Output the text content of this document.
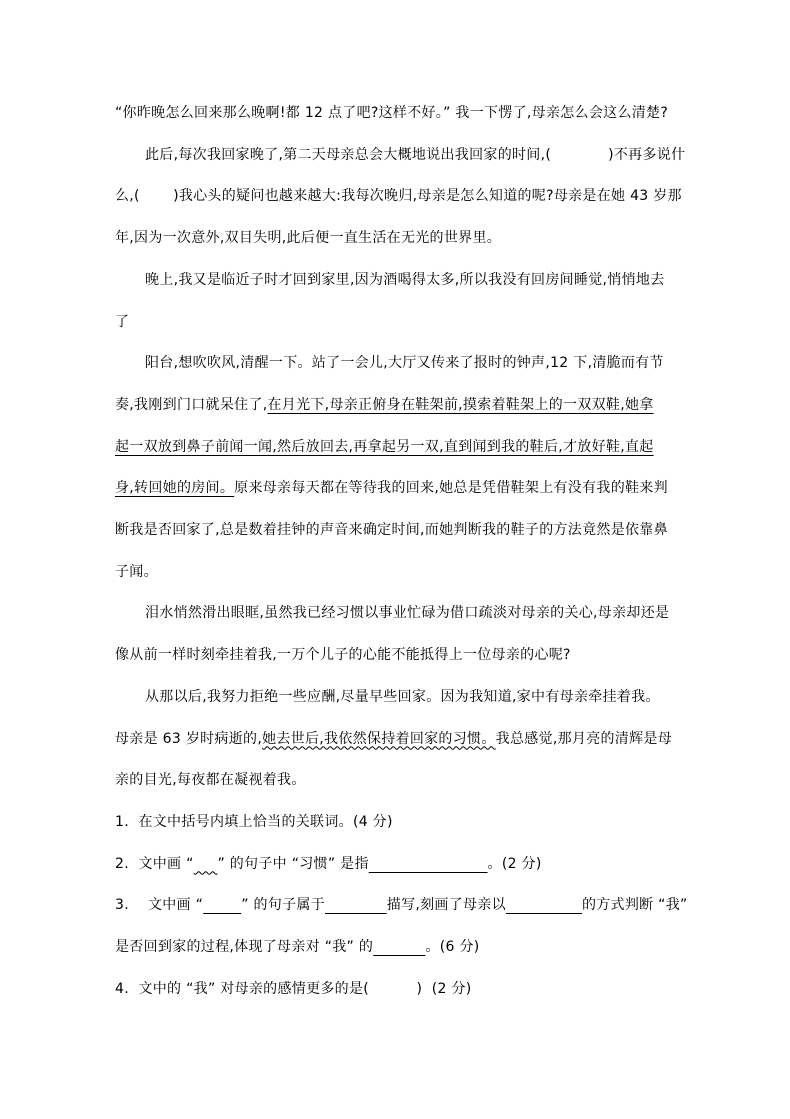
“你昨晚怎么回来那么晚啊!都 12 点了吧?这样不好。” 我一下愣了,母亲怎么会这么清楚?
此后,每次我回家晚了,第二天母亲总会大概地说出我回家的时间,(            )不再多说什
么,(       )我心头的疑问也越来越大:我每次晚归,母亲是怎么知道的呢?母亲是在她 43 岁那
年,因为一次意外,双目失明,此后便一直生活在无光的世界里。
晚上,我又是临近子时才回到家里,因为酒喝得太多,所以我没有回房间睡觉,悄悄地去
了
阳台,想吹吹风,清醒一下。站了一会儿,大厅又传来了报时的钟声,12 下,清脆而有节
奏,我刚到门口就呆住了,在月光下,母亲正俯身在鞋架前,摸索着鞋架上的一双双鞋,她拿
起一双放到鼻子前闻一闻,然后放回去,再拿起另一双,直到闻到我的鞋后,才放好鞋,直起
身,转回她的房间。原来母亲每天都在等待我的回来,她总是凭借鞋架上有没有我的鞋来判
断我是否回家了,总是数着挂钟的声音来确定时间,而她判断我的鞋子的方法竟然是依靠鼻
子闻。
泪水悄然滑出眼眶,虽然我已经习惯以事业忙碌为借口疏淡对母亲的关心,母亲却还是
像从前一样时刻牵挂着我,一万个儿子的心能不能抵得上一位母亲的心呢?
从那以后,我努力拒绝一些应酬,尽量早些回家。因为我知道,家中有母亲牵挂着我。
母亲是 63 岁时病逝的,她去世后,我依然保持着回家的习惯。我总感觉,那月亮的清辉是母
亲的目光,每夜都在凝视着我。
1.  在文中括号内填上恰当的关联词。(4 分)
2.  文中画 “ ” 的句子中 “习惯” 是指	。(2 分)
3.    文中画 “	” 的句子属于	描写,刻画了母亲以	的方式判断 “我”
是否回到家的过程,体现了母亲对 “我” 的	。(6 分)
4.  文中的 “我” 对母亲的感情更多的是(          )  (2 分)
